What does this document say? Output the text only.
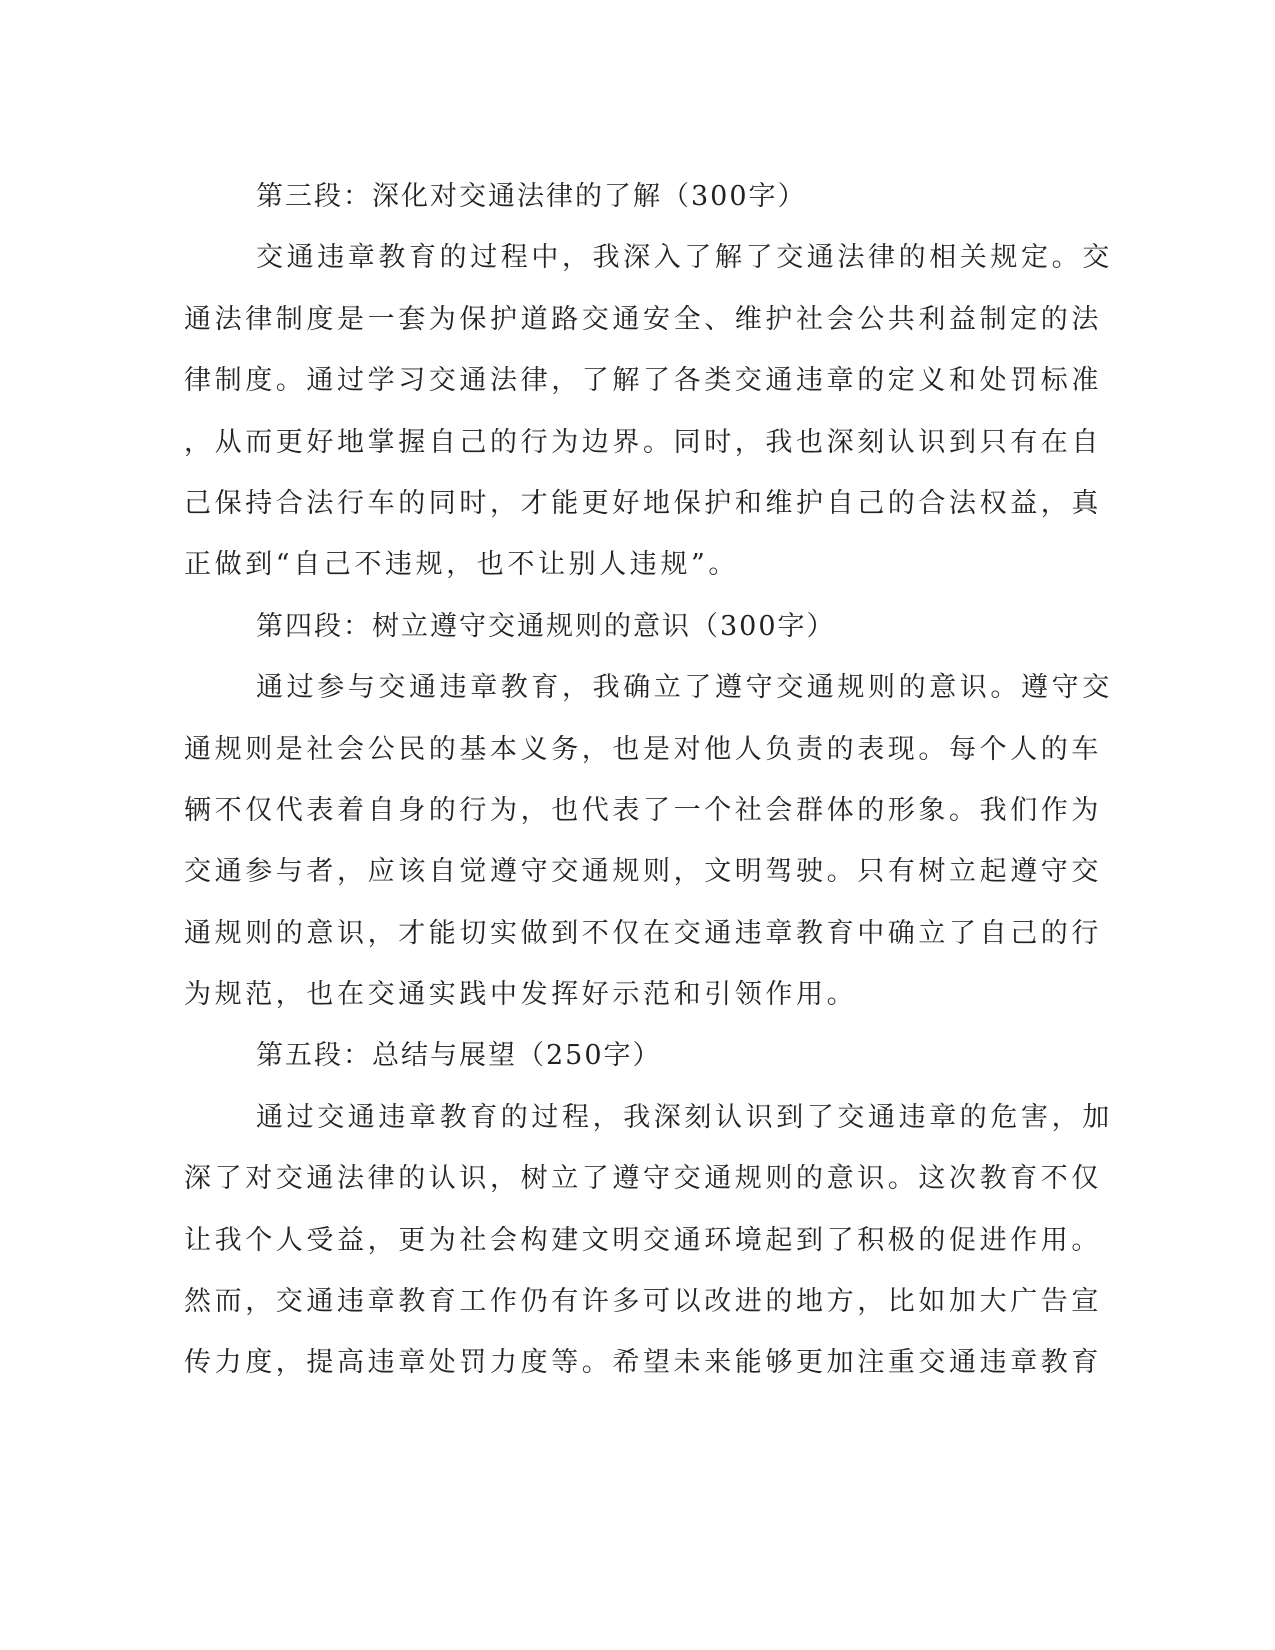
第三段：深化对交通法律的了解（300字）
交通违章教育的过程中，我深入了解了交通法律的相关规定。交
通法律制度是一套为保护道路交通安全、维护社会公共利益制定的法
律制度。通过学习交通法律，了解了各类交通违章的定义和处罚标准
，从而更好地掌握自己的行为边界。同时，我也深刻认识到只有在自
己保持合法行车的同时，才能更好地保护和维护自己的合法权益，真
正做到“自己不违规，也不让别人违规”。
第四段：树立遵守交通规则的意识（300字）
通过参与交通违章教育，我确立了遵守交通规则的意识。遵守交
通规则是社会公民的基本义务，也是对他人负责的表现。每个人的车
辆不仅代表着自身的行为，也代表了一个社会群体的形象。我们作为
交通参与者，应该自觉遵守交通规则，文明驾驶。只有树立起遵守交
通规则的意识，才能切实做到不仅在交通违章教育中确立了自己的行
为规范，也在交通实践中发挥好示范和引领作用。
第五段：总结与展望（250字）
通过交通违章教育的过程，我深刻认识到了交通违章的危害，加
深了对交通法律的认识，树立了遵守交通规则的意识。这次教育不仅
让我个人受益，更为社会构建文明交通环境起到了积极的促进作用。
然而，交通违章教育工作仍有许多可以改进的地方，比如加大广告宣
传力度，提高违章处罚力度等。希望未来能够更加注重交通违章教育
